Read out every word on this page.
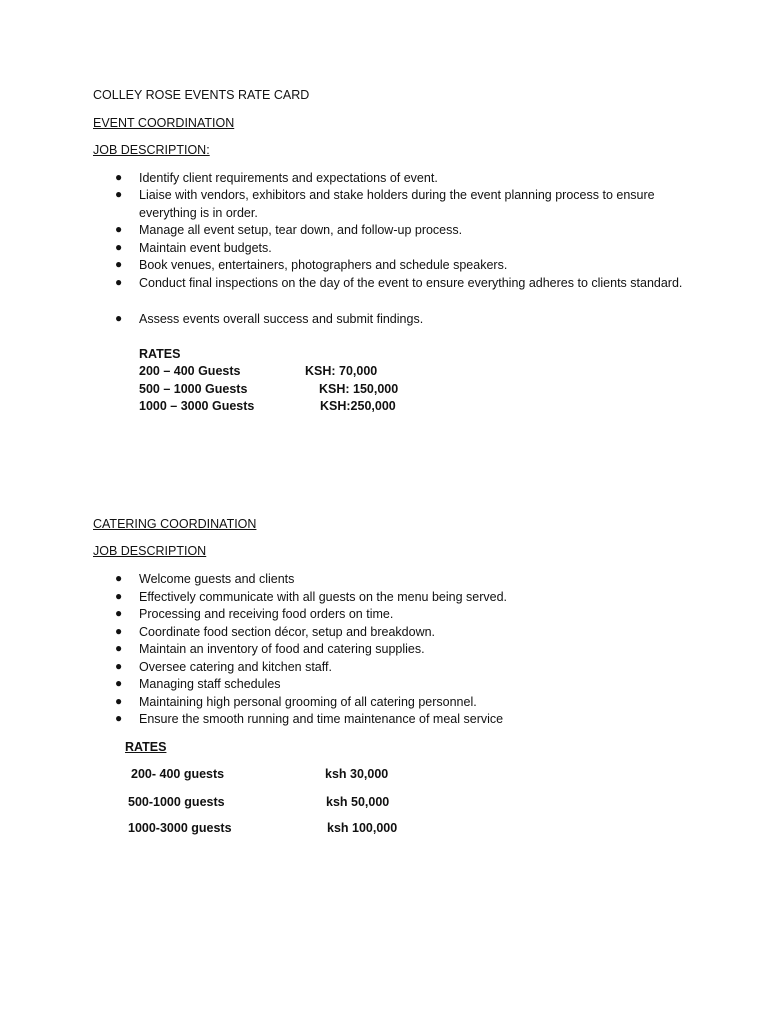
COLLEY ROSE EVENTS RATE CARD
EVENT COORDINATION
JOB DESCRIPTION:
● Identify client requirements and expectations of event.
● Liaise with vendors, exhibitors and stake holders during the event planning process to ensure everything is in order.
● Manage all event setup, tear down, and follow-up process.
● Maintain event budgets.
● Book venues, entertainers, photographers and schedule speakers.
● Conduct final inspections on the day of the event to ensure everything adheres to clients standard.
● Assess events overall success and submit findings.
RATES
200 – 400 Guests	KSH: 70,000
500 – 1000 Guests	KSH: 150,000
1000 – 3000 Guests	KSH:250,000
CATERING COORDINATION
JOB DESCRIPTION
● Welcome guests and clients
● Effectively communicate with all guests on the menu being served.
● Processing and receiving food orders on time.
● Coordinate food section décor, setup and breakdown.
● Maintain an inventory of food and catering supplies.
● Oversee catering and kitchen staff.
● Managing staff schedules
● Maintaining high personal grooming of all catering personnel.
● Ensure the smooth running and time maintenance of meal service
RATES
200- 400 guests	ksh 30,000
500-1000 guests	ksh 50,000
1000-3000 guests	ksh 100,000
